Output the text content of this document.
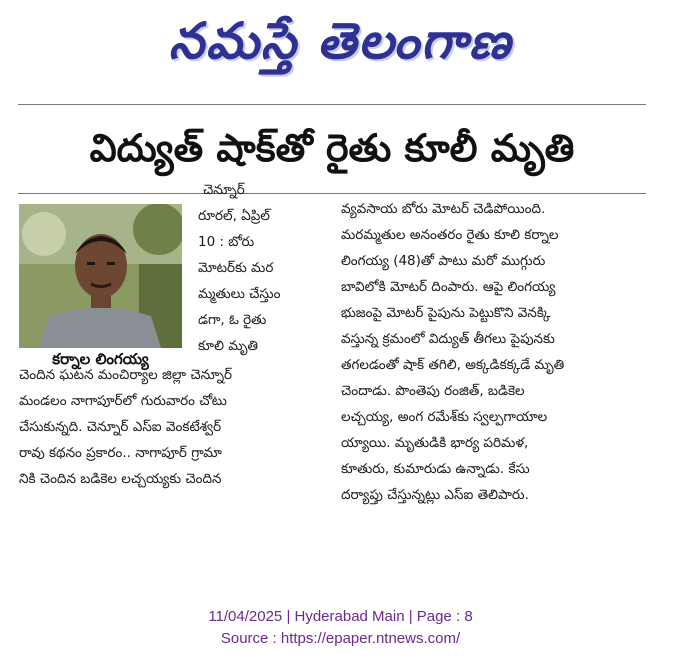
నమస్తే తెలంగాణ
విద్యుత్ షాక్‌తో రైతు కూలీ మృతి
కర్నాల లింగయ్య
చెన్నూర్
రూరల్, ఏప్రిల్
10 : బోరు
మోటర్‌కు మర
మ్మతులు చేస్తుం
డగా, ఓ రైతు
కూలి మృతి
చెందిన ఘటన మంచిర్యాల జిల్లా చెన్నూర్
మండలం నాగాపూర్‌లో గురువారం చోటు
చేసుకున్నది. చెన్నూర్ ఎస్ఐ వెంకటేశ్వర్
రావు కథనం ప్రకారం.. నాగాపూర్ గ్రామా
నికి చెందిన బడికెల లచ్చయ్యకు చెందిన
వ్యవసాయ బోరు మోటర్ చెడిపోయింది.
మరమ్మతుల అనంతరం రైతు కూలి కర్నాల
లింగయ్య (48)తో పాటు మరో ముగ్గురు
బావిలోకి మోటర్ దింపారు. ఆపై లింగయ్య
భుజంపై మోటర్ పైపును పెట్టుకొని వెనక్కి
వస్తున్న క్రమంలో విద్యుత్ తీగలు పైపునకు
తగలడంతో షాక్ తగిలి, అక్కడికక్కడే మృతి
చెందాడు. పొంతెపు రంజిత్, బడికెల
లచ్చయ్య, అంగ రమేశ్‌కు స్వల్పగాయాల
య్యాయి. మృతుడికి భార్య పరిమళ,
కూతురు, కుమారుడు ఉన్నాడు. కేసు
దర్యాప్తు చేస్తున్నట్లు ఎస్ఐ తెలిపారు.
11/04/2025 | Hyderabad Main | Page : 8
Source : https://epaper.ntnews.com/
